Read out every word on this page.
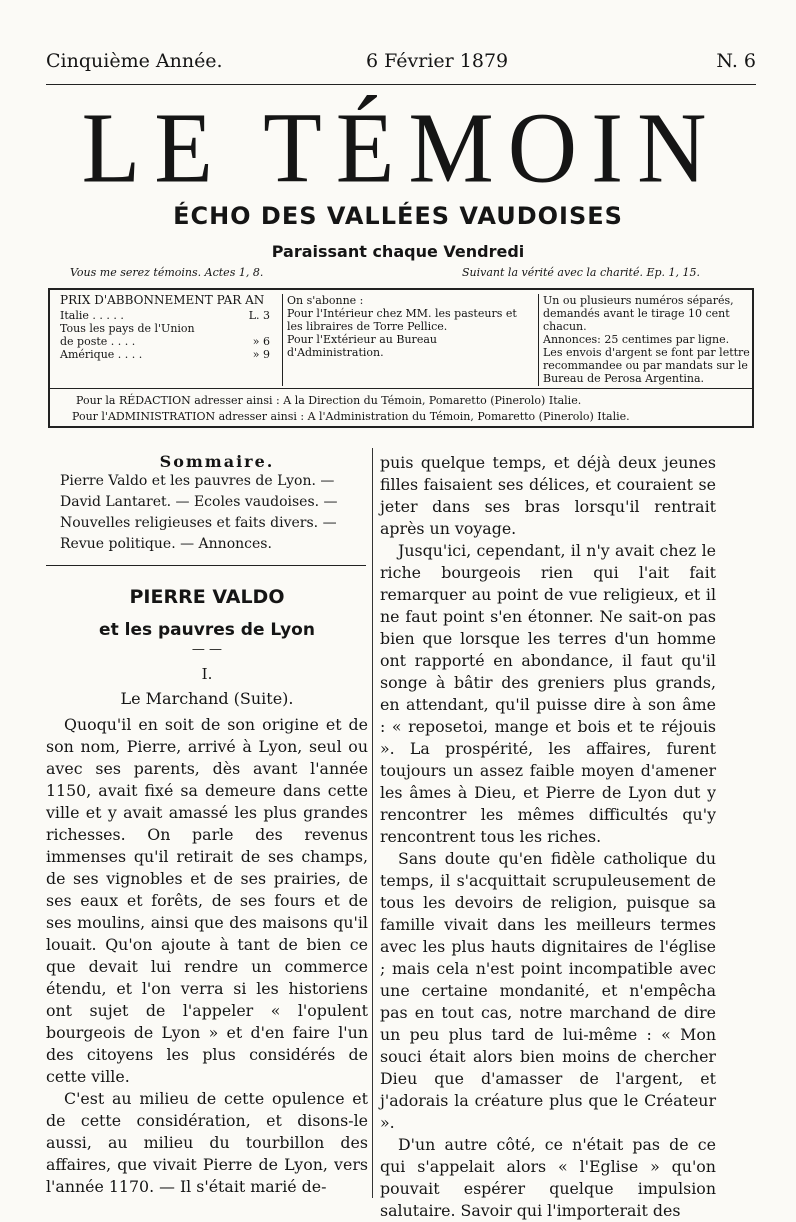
Cinquième Année.	6 Février 1879	N. 6
LE TÉMOIN
ÉCHO DES VALLÉES VAUDOISES
Paraissant chaque Vendredi
Vous me serez témoins. Actes 1, 8.	Suivant la vérité avec la charité. Ep. 1, 15.
PRIX D'ABBONNEMENT PAR AN
Italie . . . . .	L. 3
Tous les pays de l'Union
de poste . . . .	» 6
Amérique . . . .	» 9
On s'abonne :
Pour l'Intérieur chez MM. les pasteurs et les libraires de Torre Pellice.
Pour l'Extérieur au Bureau d'Administration.
Un ou plusieurs numéros séparés, demandés avant le tirage 10 cent chacun.
Annonces: 25 centimes par ligne.
Les envois d'argent se font par lettre recommandee ou par mandats sur le Bureau de Perosa Argentina.
Pour la RÉDACTION adresser ainsi : A la Direction du Témoin, Pomaretto (Pinerolo) Italie.
Pour l'ADMINISTRATION adresser ainsi : A l'Administration du Témoin, Pomaretto (Pinerolo) Italie.
Sommaire.
Pierre Valdo et les pauvres de Lyon. — David Lantaret. — Ecoles vaudoises. — Nouvelles religieuses et faits divers. — Revue politique. — Annonces.
PIERRE VALDO
et les pauvres de Lyon
— —
I.
Le Marchand (Suite).

Quoqu'il en soit de son origine et de son nom, Pierre, arrivé à Lyon, seul ou avec ses parents, dès avant l'année 1150, avait fixé sa demeure dans cette ville et y avait amassé les plus grandes richesses. On parle des revenus immenses qu'il retirait de ses champs, de ses vignobles et de ses prairies, de ses eaux et forêts, de ses fours et de ses moulins, ainsi que des maisons qu'il louait. Qu'on ajoute à tant de bien ce que devait lui rendre un commerce étendu, et l'on verra si les historiens ont sujet de l'appeler « l'opulent bourgeois de Lyon » et d'en faire l'un des citoyens les plus considérés de cette ville.

C'est au milieu de cette opulence et de cette considération, et disons-le aussi, au milieu du tourbillon des affaires, que vivait Pierre de Lyon, vers l'année 1170. — Il s'était marié de-

puis quelque temps, et déjà deux jeunes filles faisaient ses délices, et couraient se jeter dans ses bras lorsqu'il rentrait après un voyage.

Jusqu'ici, cependant, il n'y avait chez le riche bourgeois rien qui l'ait fait remarquer au point de vue religieux, et il ne faut point s'en étonner. Ne sait-on pas bien que lorsque les terres d'un homme ont rapporté en abondance, il faut qu'il songe à bâtir des greniers plus grands, en attendant, qu'il puisse dire à son âme : « reposetoi, mange et bois et te réjouis ». La prospérité, les affaires, furent toujours un assez faible moyen d'amener les âmes à Dieu, et Pierre de Lyon dut y rencontrer les mêmes difficultés qu'y rencontrent tous les riches.

Sans doute qu'en fidèle catholique du temps, il s'acquittait scrupuleusement de tous les devoirs de religion, puisque sa famille vivait dans les meilleurs termes avec les plus hauts dignitaires de l'église ; mais cela n'est point incompatible avec une certaine mondanité, et n'empêcha pas en tout cas, notre marchand de dire un peu plus tard de lui-même : « Mon souci était alors bien moins de chercher Dieu que d'amasser de l'argent, et j'adorais la créature plus que le Créateur ».

D'un autre côté, ce n'était pas de ce qui s'appelait alors « l'Eglise » qu'on pouvait espérer quelque impulsion salutaire. Savoir qui l'importerait des
